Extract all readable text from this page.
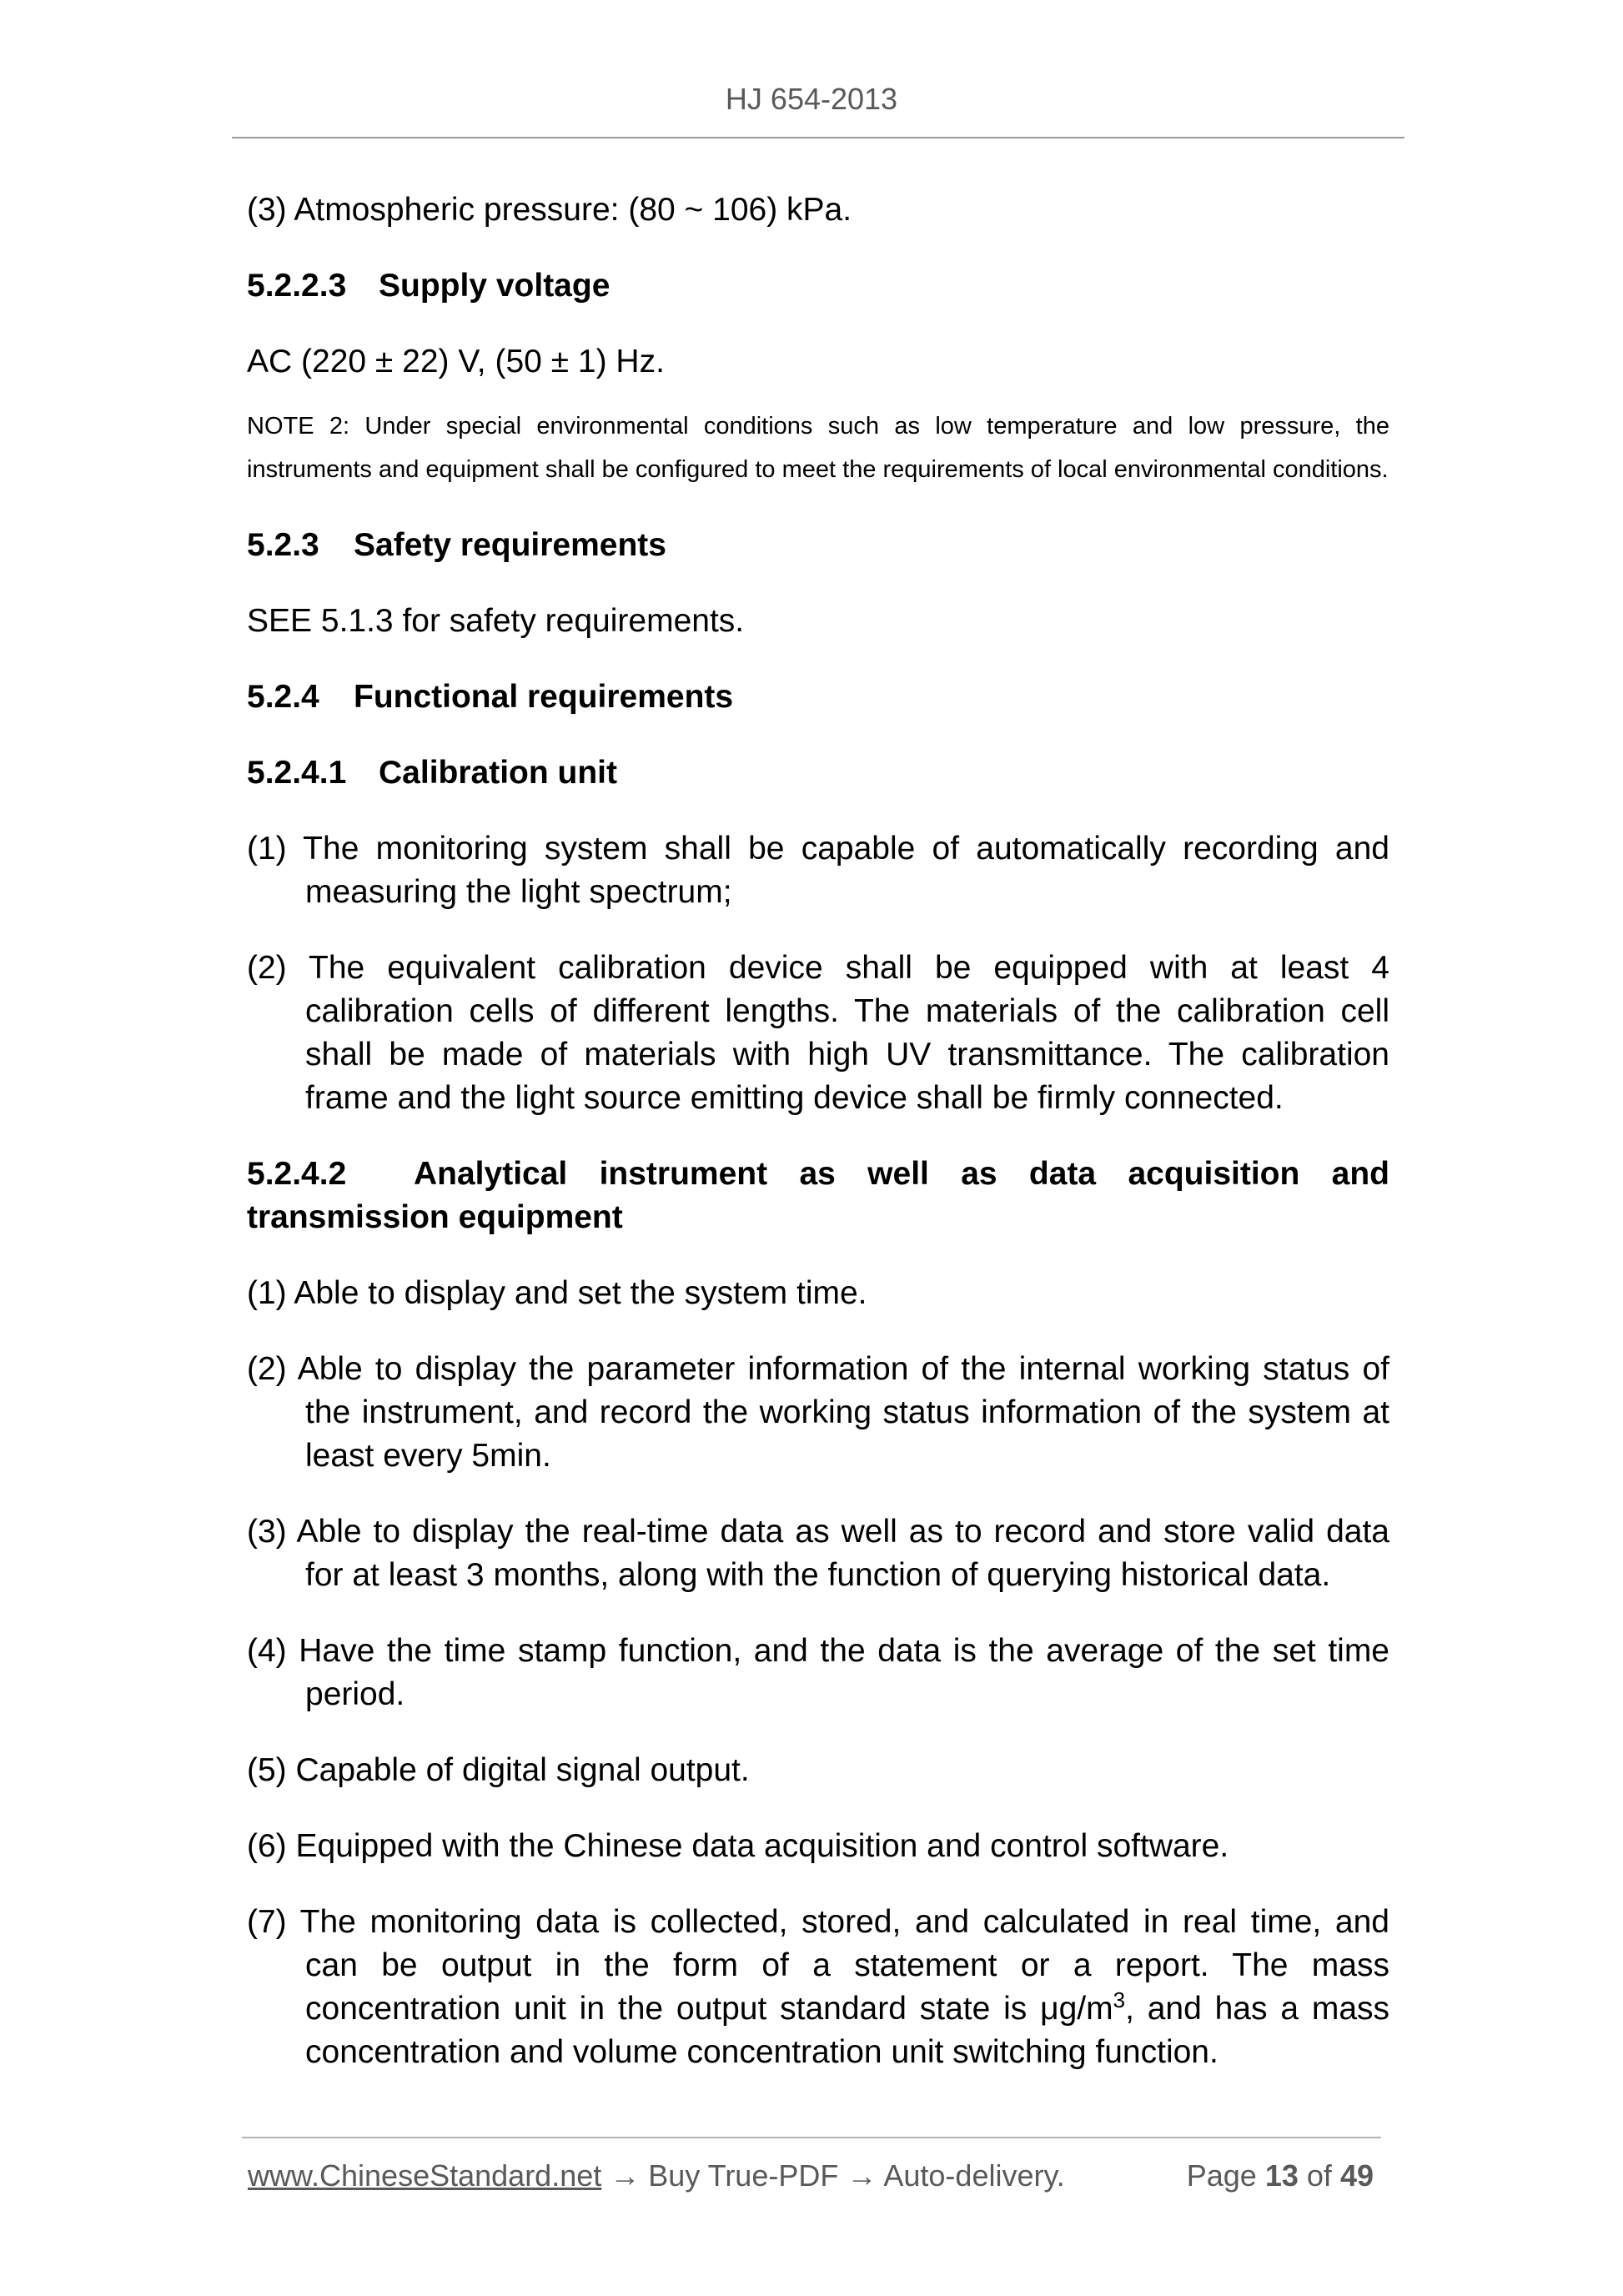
HJ 654-2013
(3) Atmospheric pressure: (80 ~ 106) kPa.
5.2.2.3 Supply voltage
AC (220 ± 22) V, (50 ± 1) Hz.
NOTE 2: Under special environmental conditions such as low temperature and low pressure, the instruments and equipment shall be configured to meet the requirements of local environmental conditions.
5.2.3 Safety requirements
SEE 5.1.3 for safety requirements.
5.2.4 Functional requirements
5.2.4.1 Calibration unit
(1) The monitoring system shall be capable of automatically recording and measuring the light spectrum;
(2) The equivalent calibration device shall be equipped with at least 4 calibration cells of different lengths. The materials of the calibration cell shall be made of materials with high UV transmittance. The calibration frame and the light source emitting device shall be firmly connected.
5.2.4.2 Analytical instrument as well as data acquisition and transmission equipment
(1) Able to display and set the system time.
(2) Able to display the parameter information of the internal working status of the instrument, and record the working status information of the system at least every 5min.
(3) Able to display the real-time data as well as to record and store valid data for at least 3 months, along with the function of querying historical data.
(4) Have the time stamp function, and the data is the average of the set time period.
(5) Capable of digital signal output.
(6) Equipped with the Chinese data acquisition and control software.
(7) The monitoring data is collected, stored, and calculated in real time, and can be output in the form of a statement or a report. The mass concentration unit in the output standard state is $\mu g/m^3$, and has a mass concentration and volume concentration unit switching function.
www.ChineseStandard.net → Buy True-PDF → Auto-delivery.	Page 13 of 49
